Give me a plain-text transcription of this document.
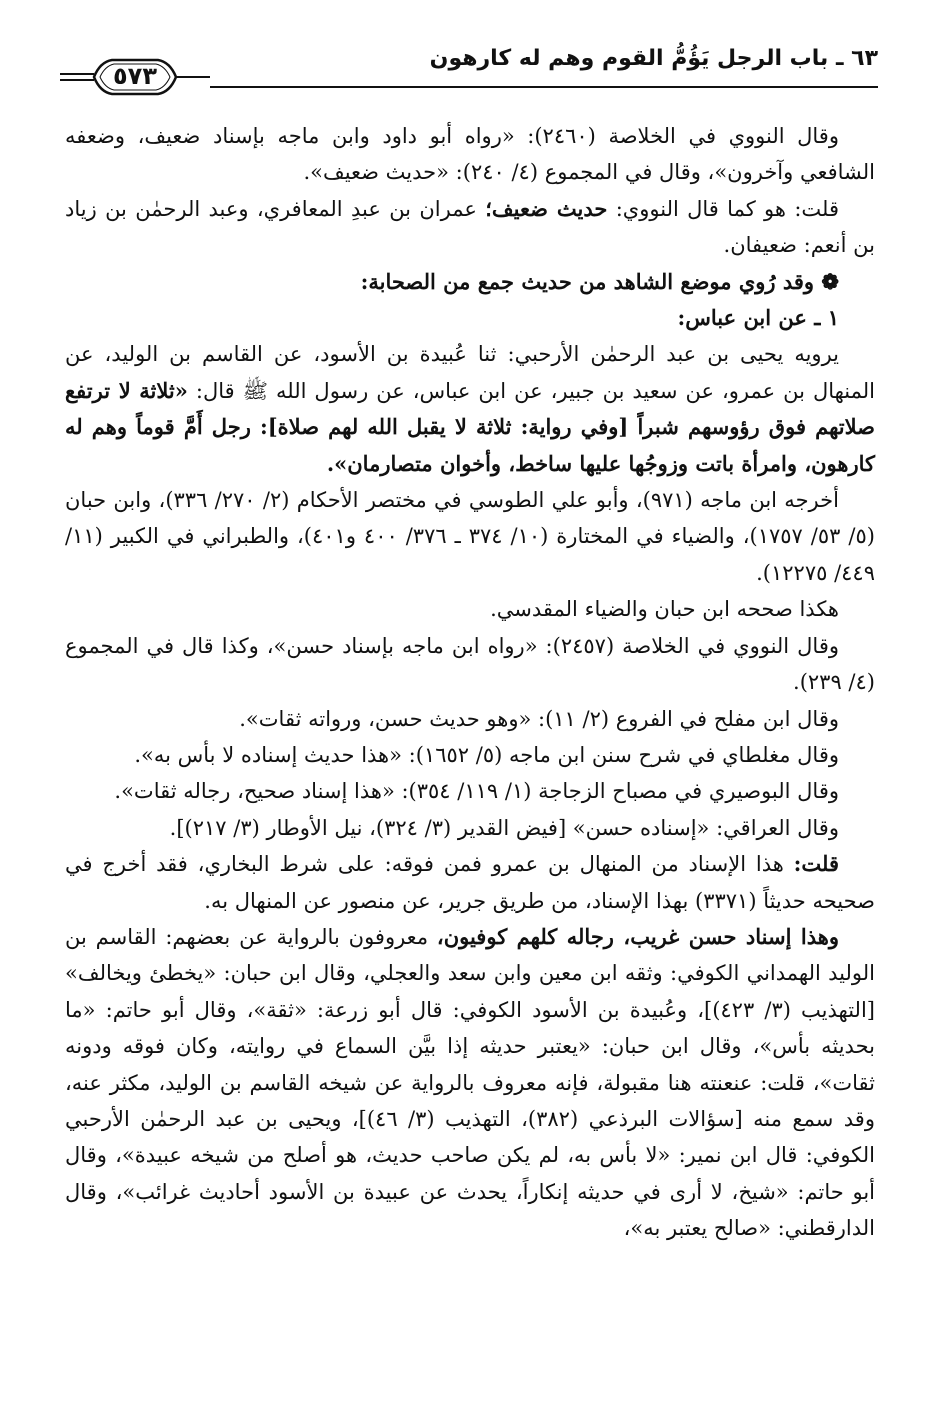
٦٣ ـ باب الرجل يَؤُمُّ القوم وهم له كارهون
٥٧٣

وقال النووي في الخلاصة (٢٤٦٠): «رواه أبو داود وابن ماجه بإسناد ضعيف، وضعفه الشافعي وآخرون»، وقال في المجموع (٤/ ٢٤٠): «حديث ضعيف».

قلت: هو كما قال النووي: حديث ضعيف؛ عمران بن عبدِ المعافري، وعبد الرحمٰن بن زياد بن أنعم: ضعيفان.

❁ وقد رُوي موضع الشاهد من حديث جمع من الصحابة:

١ ـ عن ابن عباس:

يرويه يحيى بن عبد الرحمٰن الأرحبي: ثنا عُبيدة بن الأسود، عن القاسم بن الوليد، عن المنهال بن عمرو، عن سعيد بن جبير، عن ابن عباس، عن رسول الله ﷺ قال: «ثلاثة لا ترتفع صلاتهم فوق رؤوسهم شبراً [وفي رواية: ثلاثة لا يقبل الله لهم صلاة]: رجل أَمَّ قوماً وهم له كارهون، وامرأة باتت وزوجُها عليها ساخط، وأخوان متصارمان».

أخرجه ابن ماجه (٩٧١)، وأبو علي الطوسي في مختصر الأحكام (٢/ ٢٧٠/ ٣٣٦)، وابن حبان (٥/ ٥٣/ ١٧٥٧)، والضياء في المختارة (١٠/ ٣٧٤ ـ ٣٧٦/ ٤٠٠ و٤٠١)، والطبراني في الكبير (١١/ ٤٤٩/ ١٢٢٧٥).

هكذا صححه ابن حبان والضياء المقدسي.

وقال النووي في الخلاصة (٢٤٥٧): «رواه ابن ماجه بإسناد حسن»، وكذا قال في المجموع (٤/ ٢٣٩).

وقال ابن مفلح في الفروع (٢/ ١١): «وهو حديث حسن، ورواته ثقات».

وقال مغلطاي في شرح سنن ابن ماجه (٥/ ١٦٥٢): «هذا حديث إسناده لا بأس به».

وقال البوصيري في مصباح الزجاجة (١/ ١١٩/ ٣٥٤): «هذا إسناد صحيح، رجاله ثقات».

وقال العراقي: «إسناده حسن» [فيض القدير (٣/ ٣٢٤)، نيل الأوطار (٣/ ٢١٧)].

قلت: هذا الإسناد من المنهال بن عمرو فمن فوقه: على شرط البخاري، فقد أخرج في صحيحه حديثاً (٣٣٧١) بهذا الإسناد، من طريق جرير، عن منصور عن المنهال به.

وهذا إسناد حسن غريب، رجاله كلهم كوفيون، معروفون بالرواية عن بعضهم: القاسم بن الوليد الهمداني الكوفي: وثقه ابن معين وابن سعد والعجلي، وقال ابن حبان: «يخطئ ويخالف» [التهذيب (٣/ ٤٢٣)]، وعُبيدة بن الأسود الكوفي: قال أبو زرعة: «ثقة»، وقال أبو حاتم: «ما بحديثه بأس»، وقال ابن حبان: «يعتبر حديثه إذا بيَّن السماع في روايته، وكان فوقه ودونه ثقات»، قلت: عنعنته هنا مقبولة، فإنه معروف بالرواية عن شيخه القاسم بن الوليد، مكثر عنه، وقد سمع منه [سؤالات البرذعي (٣٨٢)، التهذيب (٣/ ٤٦)]، ويحيى بن عبد الرحمٰن الأرحبي الكوفي: قال ابن نمير: «لا بأس به، لم يكن صاحب حديث، هو أصلح من شيخه عبيدة»، وقال أبو حاتم: «شيخ، لا أرى في حديثه إنكاراً، يحدث عن عبيدة بن الأسود أحاديث غرائب»، وقال الدارقطني: «صالح يعتبر به»،
